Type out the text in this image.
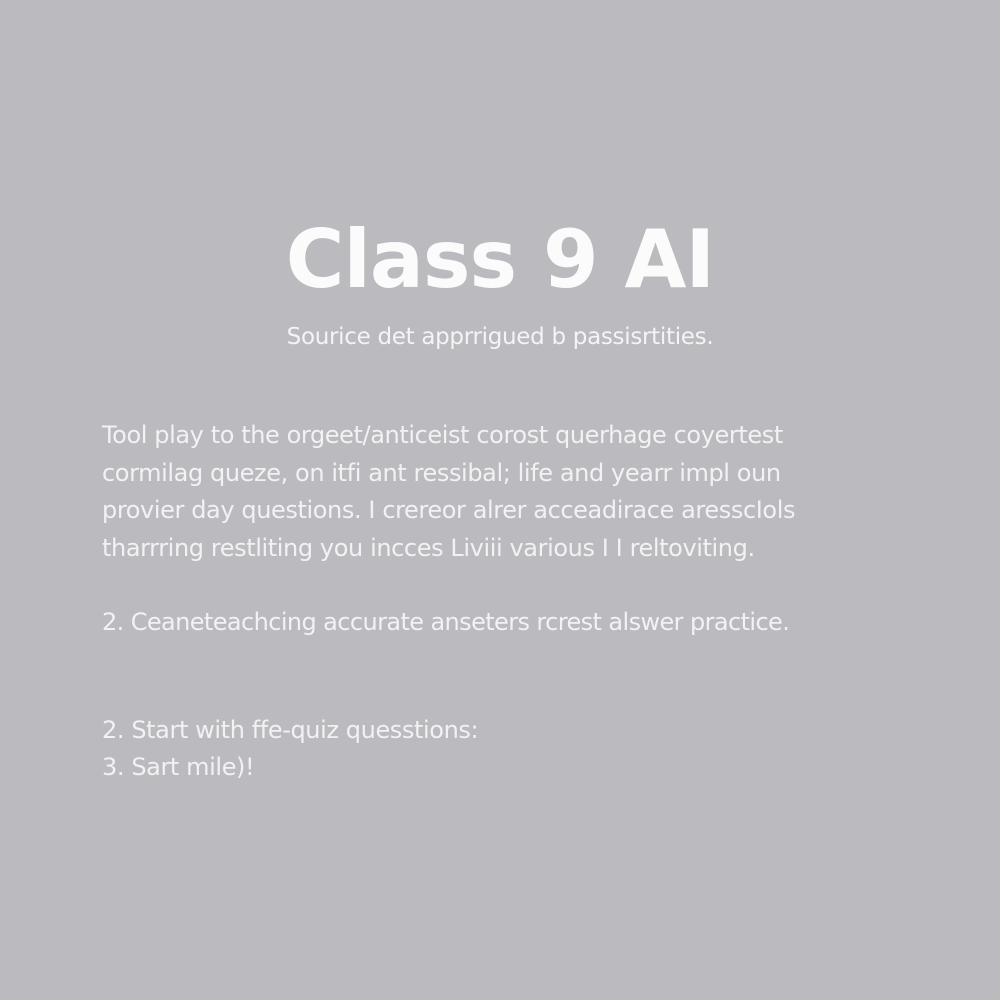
Class 9 AI

Sourice det apprrigued b passisrtities.

Tool play to the orgeet/anticeist corost querhage coyertest
cormilag queze, on itfi ant ressibal; life and yearr impl oun
provier day questions. I crereor alrer acceadirace aresscIols
tharrring restliting you incces Liviii various I I reltoviting.

2. Ceaneteachcing accurate anseters rcrest alswer practice.

2. Start with ffe-quiz quesstions:
3. Sart mile)!
